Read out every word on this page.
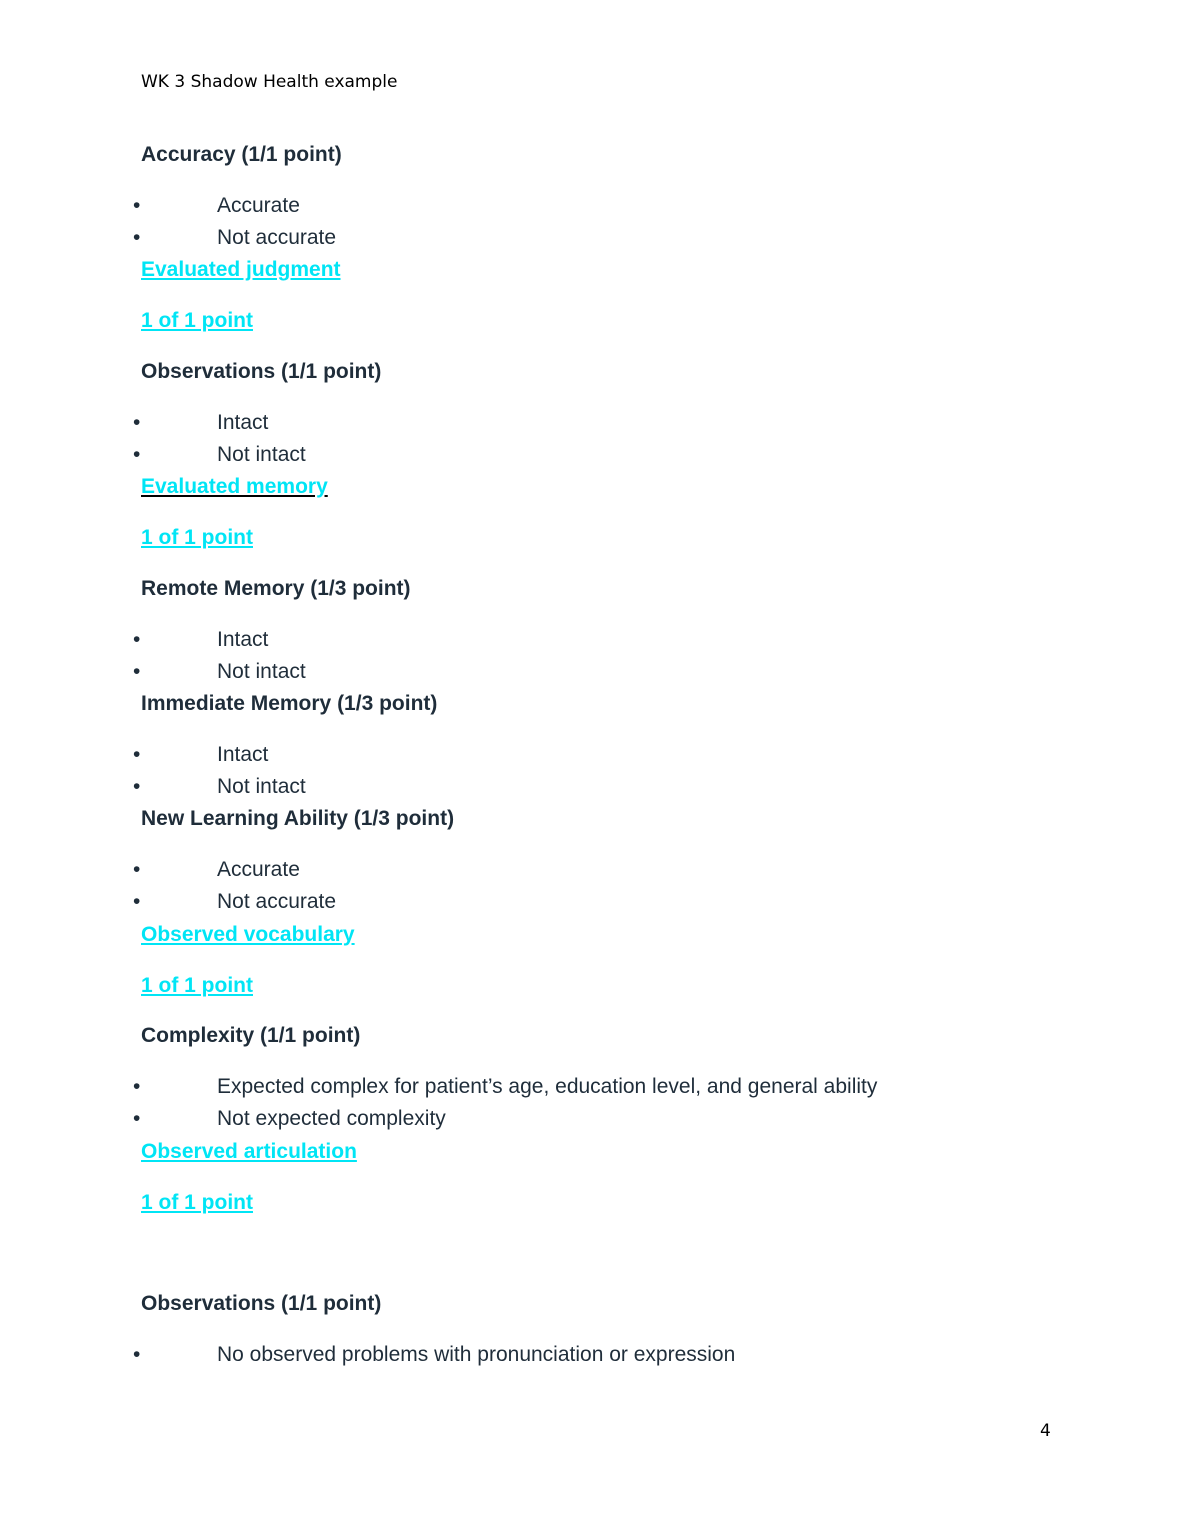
WK 3 Shadow Health example
Accuracy (1/1 point)
•	Accurate
•	Not accurate
Evaluated judgment
1 of 1 point
Observations (1/1 point)
•	Intact
•	Not intact
Evaluated memory
1 of 1 point
Remote Memory (1/3 point)
•	Intact
•	Not intact
Immediate Memory (1/3 point)
•	Intact
•	Not intact
New Learning Ability (1/3 point)
•	Accurate
•	Not accurate
Observed vocabulary
1 of 1 point
Complexity (1/1 point)
•	Expected complex for patient’s age, education level, and general ability
•	Not expected complexity
Observed articulation
1 of 1 point
Observations (1/1 point)
•	No observed problems with pronunciation or expression
4
